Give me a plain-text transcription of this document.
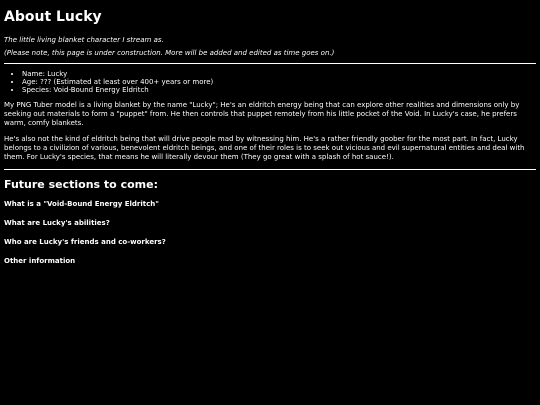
About Lucky
The little living blanket character I stream as.
(Please note, this page is under construction. More will be added and edited as time goes on.)
• Name: Lucky
• Age: ??? (Estimated at least over 400+ years or more)
• Species: Void-Bound Energy Eldritch

My PNG Tuber model is a living blanket by the name "Lucky"; He's an eldritch energy being that can explore other realities and dimensions only by seeking out materials to form a "puppet" from. He then controls that puppet remotely from his little pocket of the Void. In Lucky's case, he prefers warm, comfy blankets.

He's also not the kind of eldritch being that will drive people mad by witnessing him. He's a rather friendly goober for the most part. In fact, Lucky belongs to a civilizion of various, benevolent eldritch beings, and one of their roles is to seek out vicious and evil supernatural entities and deal with them. For Lucky's species, that means he will literally devour them (They go great with a splash of hot sauce!).

Future sections to come:
What is a "Void-Bound Energy Eldritch"
What are Lucky's abilities?
Who are Lucky's friends and co-workers?
Other information
